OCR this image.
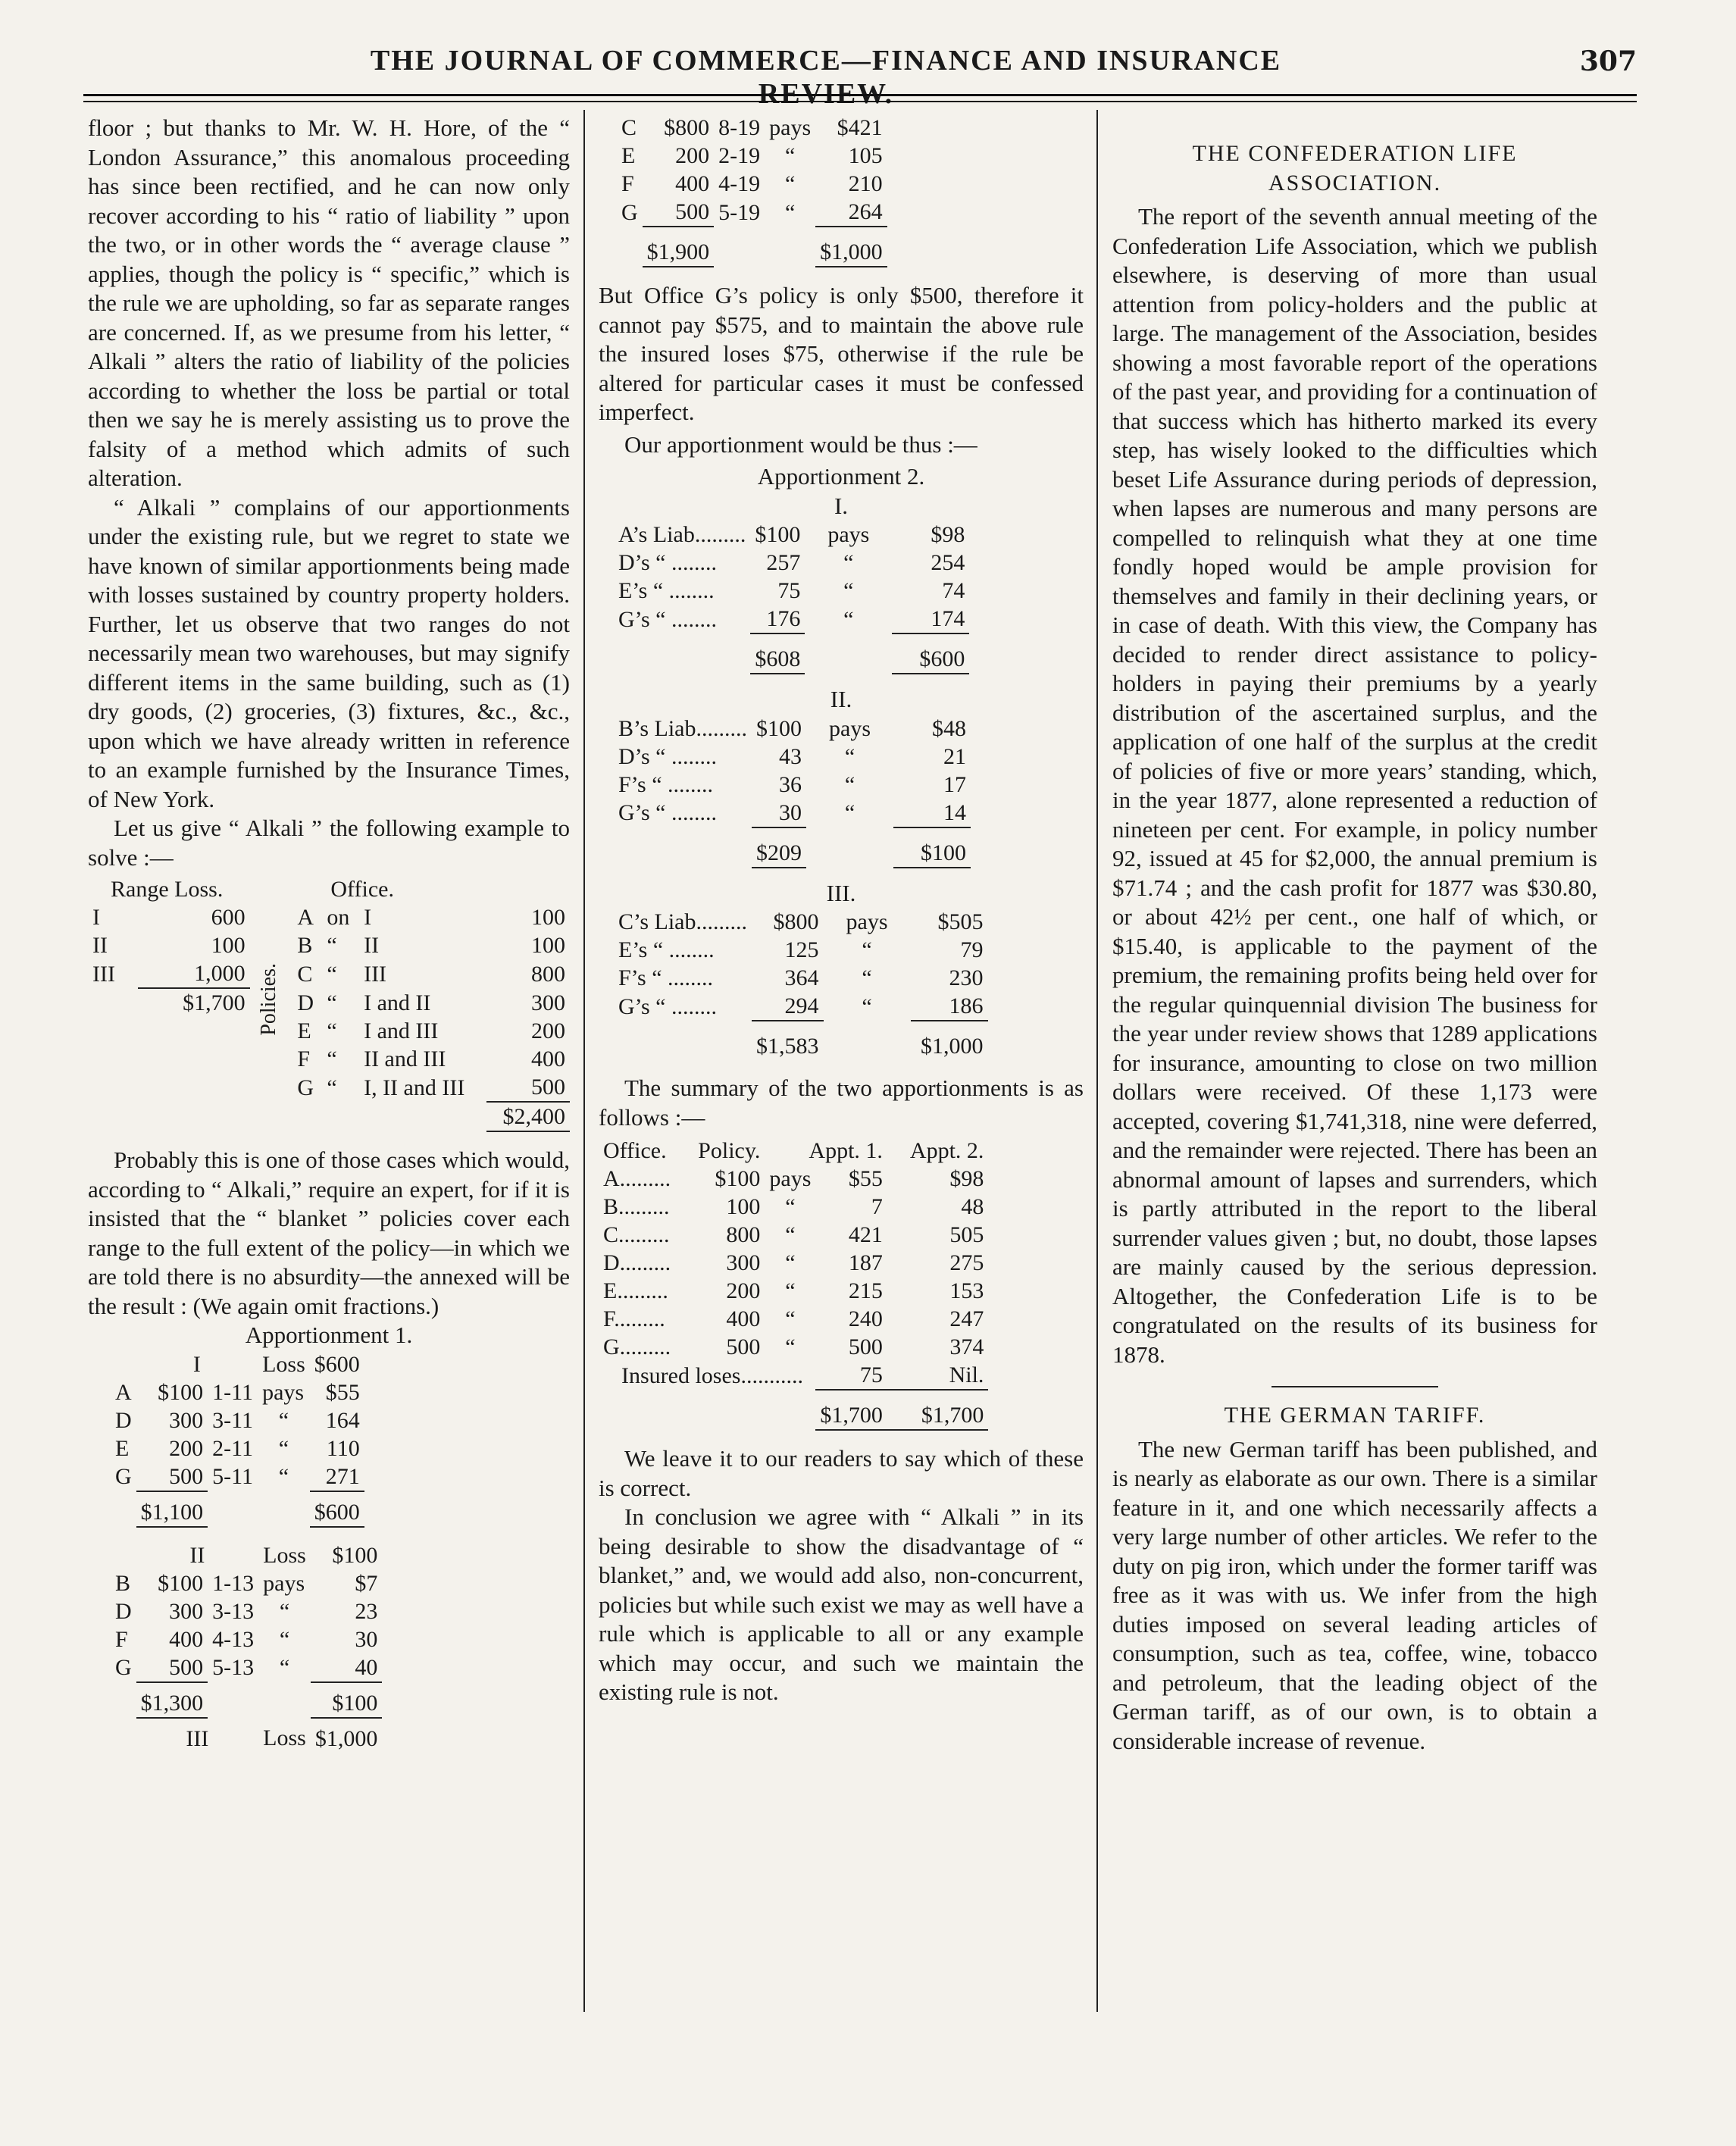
THE JOURNAL OF COMMERCE—FINANCE AND INSURANCE REVIEW.
307

floor ; but thanks to Mr. W. H. Hore, of the “ London Assurance,” this anomalous proceeding has since been rectified, and he can now only recover according to his “ ratio of liability ” upon the two, or in other words the “ average clause ” applies, though the policy is “ specific,” which is the rule we are upholding, so far as separate ranges are concerned. If, as we presume from his letter, “ Alkali ” alters the ratio of liability of the policies according to whether the loss be partial or total then we say he is merely assisting us to prove the falsity of a method which admits of such alteration.

“ Alkali ” complains of our apportionments under the existing rule, but we regret to state we have known of similar apportionments being made with losses sustained by country property holders. Further, let us observe that two ranges do not necessarily mean two warehouses, but may signify different items in the same building, such as (1) dry goods, (2) groceries, (3) fixtures, &c., &c., upon which we have already written in reference to an example furnished by the Insurance Times, of New York.

Let us give “ Alkali ” the following example to solve :—

Range Loss.			Office.			
I	600	Policies.	A	on	I	100
II	100		B	“	II	100
III	1,000		C	“	III	800
	$1,700		D	“	I and II	300
			E	“	I and III	200
			F	“	II and III	400
			G	“	I, II and III	500
						$2,400

Probably this is one of those cases which would, according to “ Alkali,” require an expert, for if it is insisted that the “ blanket ” policies cover each range to the full extent of the policy—in which we are told there is no absurdity—the annexed will be the result : (We again omit fractions.)

Apportionment 1.

	I		Loss	$600
A	$100	1-11	pays	$55
D	300	3-11	“	164
E	200	2-11	“	110
G	500	5-11	“	271
	$1,100			$600
	II		Loss	$100
B	$100	1-13	pays	$7
D	300	3-13	“	23
F	400	4-13	“	30
G	500	5-13	“	40
	$1,300			$100
	III		Loss	$1,000
C	$800	8-19	pays	$421
E	200	2-19	“	105
F	400	4-19	“	210
G	500	5-19	“	264
	$1,900			$1,000

But Office G’s policy is only $500, therefore it cannot pay $575, and to maintain the above rule the insured loses $75, otherwise if the rule be altered for particular cases it must be confessed imperfect.

Our apportionment would be thus :—

Apportionment 2.

I.

A’s Liab.........	$100	pays	$98
D’s “ ........	257	“	254
E’s “ ........	75	“	74
G’s “ ........	176	“	174
	$608		$600

II.

B’s Liab.........	$100	pays	$48
D’s “ ........	43	“	21
F’s “ ........	36	“	17
G’s “ ........	30	“	14
	$209		$100

III.

C’s Liab.........	$800	pays	$505
E’s “ ........	125	“	79
F’s “ ........	364	“	230
G’s “ ........	294	“	186
	$1,583		$1,000

The summary of the two apportionments is as follows :—

Office.	Policy.	Appt. 1.		Appt. 2.
A.........	$100	pays	$55	$98
B.........	100	“	7	48
C.........	800	“	421	505
D.........	300	“	187	275
E.........	200	“	215	153
F.........	400	“	240	247
G.........	500	“	500	374
Insured loses...........			75	Nil.
			$1,700	$1,700

We leave it to our readers to say which of these is correct.

In conclusion we agree with “ Alkali ” in its being desirable to show the disadvantage of “ blanket,” and, we would add also, non-concurrent, policies but while such exist we may as well have a rule which is applicable to all or any example which may occur, and such we maintain the existing rule is not.

THE CONFEDERATION LIFE ASSOCIATION.

The report of the seventh annual meeting of the Confederation Life Association, which we publish elsewhere, is deserving of more than usual attention from policy-holders and the public at large. The management of the Association, besides showing a most favorable report of the operations of the past year, and providing for a continuation of that success which has hitherto marked its every step, has wisely looked to the difficulties which beset Life Assurance during periods of depression, when lapses are numerous and many persons are compelled to relinquish what they at one time fondly hoped would be ample provision for themselves and family in their declining years, or in case of death. With this view, the Company has decided to render direct assistance to policy-holders in paying their premiums by a yearly distribution of the ascertained surplus, and the application of one half of the surplus at the credit of policies of five or more years’ standing, which, in the year 1877, alone represented a reduction of nineteen per cent. For example, in policy number 92, issued at 45 for $2,000, the annual premium is $71.74 ; and the cash profit for 1877 was $30.80, or about 42½ per cent., one half of which, or $15.40, is applicable to the payment of the premium, the remaining profits being held over for the regular quinquennial division The business for the year under review shows that 1289 applications for insurance, amounting to close on two million dollars were received. Of these 1,173 were accepted, covering $1,741,318, nine were deferred, and the remainder were rejected. There has been an abnormal amount of lapses and surrenders, which is partly attributed in the report to the liberal surrender values given ; but, no doubt, those lapses are mainly caused by the serious depression. Altogether, the Confederation Life is to be congratulated on the results of its business for 1878.

THE GERMAN TARIFF.

The new German tariff has been published, and is nearly as elaborate as our own. There is a similar feature in it, and one which necessarily affects a very large number of other articles. We refer to the duty on pig iron, which under the former tariff was free as it was with us. We infer from the high duties imposed on several leading articles of consumption, such as tea, coffee, wine, tobacco and petroleum, that the leading object of the German tariff, as of our own, is to obtain a considerable increase of revenue.
